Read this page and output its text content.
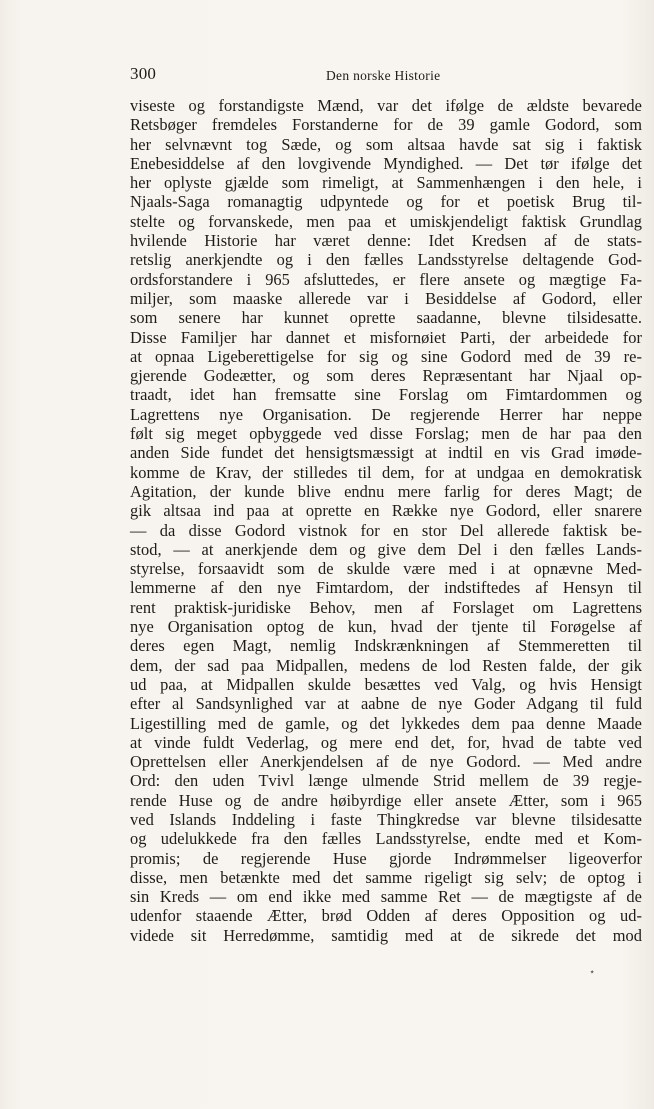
300	Den norske Historie
viseste og forstandigste Mænd, var det ifølge de ældste bevarede
Retsbøger fremdeles Forstanderne for de 39 gamle Godord, som
her selvnævnt tog Sæde, og som altsaa havde sat sig i faktisk
Enebesiddelse af den lovgivende Myndighed. — Det tør ifølge det
her oplyste gjælde som rimeligt, at Sammenhængen i den hele, i
Njaals-Saga romanagtig udpyntede og for et poetisk Brug til-
stelte og forvanskede, men paa et umiskjendeligt faktisk Grundlag
hvilende Historie har været denne: Idet Kredsen af de stats-
retslig anerkjendte og i den fælles Landsstyrelse deltagende God-
ordsforstandere i 965 afsluttedes, er flere ansete og mægtige Fa-
miljer, som maaske allerede var i Besiddelse af Godord, eller
som senere har kunnet oprette saadanne, blevne tilsidesatte.
Disse Familjer har dannet et misfornøiet Parti, der arbeidede for
at opnaa Ligeberettigelse for sig og sine Godord med de 39 re-
gjerende Godeætter, og som deres Repræsentant har Njaal op-
traadt, idet han fremsatte sine Forslag om Fimtardommen og
Lagrettens nye Organisation. De regjerende Herrer har neppe
følt sig meget opbyggede ved disse Forslag; men de har paa den
anden Side fundet det hensigtsmæssigt at indtil en vis Grad imøde-
komme de Krav, der stilledes til dem, for at undgaa en demokratisk
Agitation, der kunde blive endnu mere farlig for deres Magt; de
gik altsaa ind paa at oprette en Række nye Godord, eller snarere
— da disse Godord vistnok for en stor Del allerede faktisk be-
stod, — at anerkjende dem og give dem Del i den fælles Lands-
styrelse, forsaavidt som de skulde være med i at opnævne Med-
lemmerne af den nye Fimtardom, der indstiftedes af Hensyn til
rent praktisk-juridiske Behov, men af Forslaget om Lagrettens
nye Organisation optog de kun, hvad der tjente til Forøgelse af
deres egen Magt, nemlig Indskrænkningen af Stemmeretten til
dem, der sad paa Midpallen, medens de lod Resten falde, der gik
ud paa, at Midpallen skulde besættes ved Valg, og hvis Hensigt
efter al Sandsynlighed var at aabne de nye Goder Adgang til fuld
Ligestilling med de gamle, og det lykkedes dem paa denne Maade
at vinde fuldt Vederlag, og mere end det, for, hvad de tabte ved
Oprettelsen eller Anerkjendelsen af de nye Godord. — Med andre
Ord: den uden Tvivl længe ulmende Strid mellem de 39 regje-
rende Huse og de andre høibyrdige eller ansete Ætter, som i 965
ved Islands Inddeling i faste Thingkredse var blevne tilsidesatte
og udelukkede fra den fælles Landsstyrelse, endte med et Kom-
promis; de regjerende Huse gjorde Indrømmelser ligeoverfor
disse, men betænkte med det samme rigeligt sig selv; de optog i
sin Kreds — om end ikke med samme Ret — de mægtigste af de
udenfor staaende Ætter, brød Odden af deres Opposition og ud-
videde sit Herredømme, samtidig med at de sikrede det mod
⋆
